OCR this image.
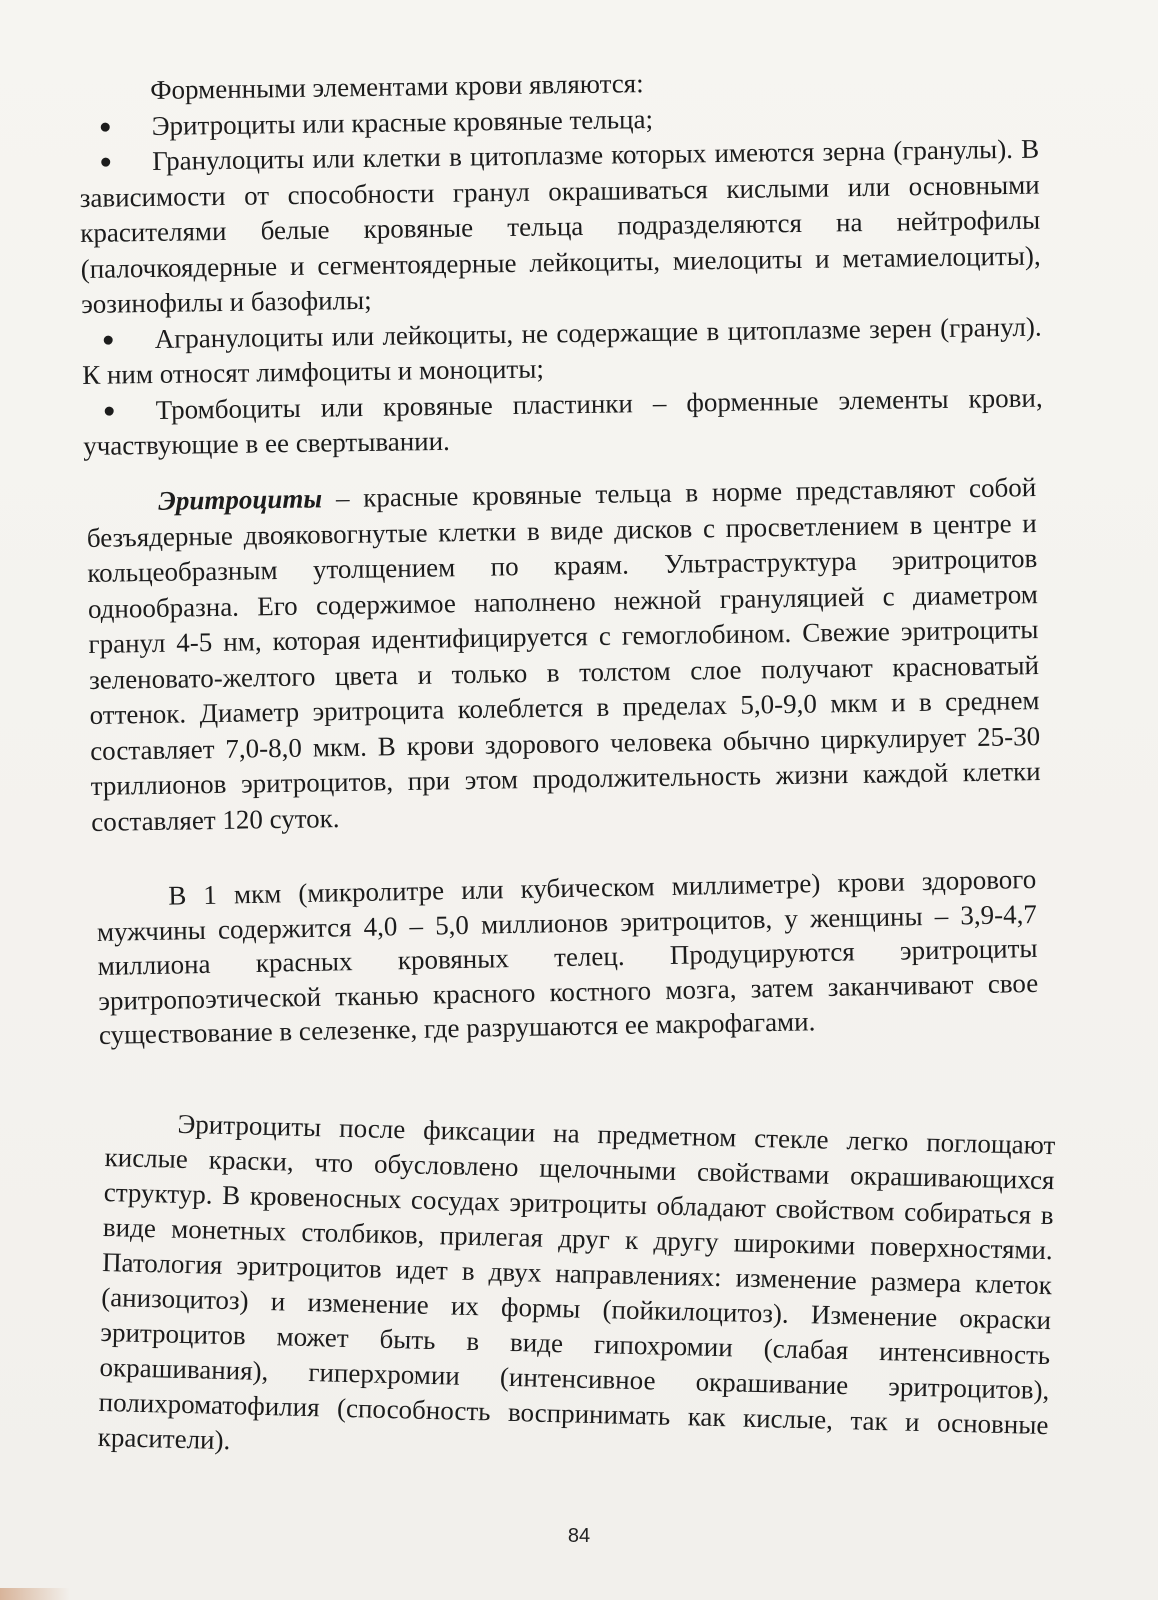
Форменными элементами крови являются:

Эритроциты или красные кровяные тельца;

Гранулоциты или клетки в цитоплазме которых имеются зерна (гранулы). В зависимости от способности гранул окрашиваться кислыми или основными красителями белые кровяные тельца подразделяются на нейтрофилы (палочкоядерные и сегментоядерные лейкоциты, миелоциты и метамиелоциты), эозинофилы и базофилы;

Агранулоциты или лейкоциты, не содержащие в цитоплазме зерен (гранул). К ним относят лимфоциты и моноциты;

Тромбоциты или кровяные пластинки – форменные элементы крови, участвующие в ее свертывании.

Эритроциты – красные кровяные тельца в норме представляют собой безъядерные двояковогнутые клетки в виде дисков с просветлением в центре и кольцеобразным утолщением по краям. Ультраструктура эритроцитов однообразна. Его содержимое наполнено нежной грануляцией с диаметром гранул 4-5 нм, которая идентифицируется с гемоглобином. Свежие эритроциты зеленовато-желтого цвета и только в толстом слое получают красноватый оттенок. Диаметр эритроцита колеблется в пределах 5,0-9,0 мкм и в среднем составляет 7,0-8,0 мкм. В крови здорового человека обычно циркулирует 25-30 триллионов эритроцитов, при этом продолжительность жизни каждой клетки составляет 120 суток.

В 1 мкм (микролитре или кубическом миллиметре) крови здорового мужчины содержится 4,0 – 5,0 миллионов эритроцитов, у женщины – 3,9-4,7 миллиона красных кровяных телец. Продуцируются эритроциты эритропоэтической тканью красного костного мозга, затем заканчивают свое существование в селезенке, где разрушаются ее макрофагами.

Эритроциты после фиксации на предметном стекле легко поглощают кислые краски, что обусловлено щелочными свойствами окрашивающихся структур. В кровеносных сосудах эритроциты обладают свойством собираться в виде монетных столбиков, прилегая друг к другу широкими поверхностями. Патология эритроцитов идет в двух направлениях: изменение размера клеток (анизоцитоз) и изменение их формы (пойкилоцитоз). Изменение окраски эритроцитов может быть в виде гипохромии (слабая интенсивность окрашивания), гиперхромии (интенсивное окрашивание эритроцитов), полихроматофилия (способность воспринимать как кислые, так и основные красители).

84
